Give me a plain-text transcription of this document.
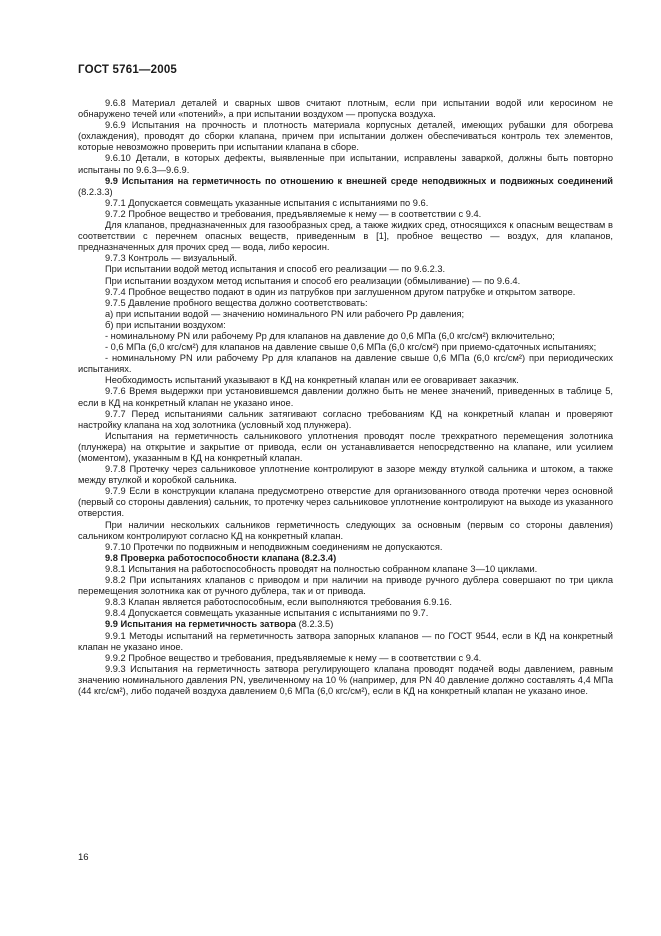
ГОСТ 5761—2005

9.6.8 Материал деталей и сварных швов считают плотным, если при испытании водой или керосином не обнаружено течей или «потений», а при испытании воздухом — пропуска воздуха.

9.6.9 Испытания на прочность и плотность материала корпусных деталей, имеющих рубашки для обогрева (охлаждения), проводят до сборки клапана, причем при испытании должен обеспечиваться контроль тех элементов, которые невозможно проверить при испытании клапана в сборе.

9.6.10 Детали, в которых дефекты, выявленные при испытании, исправлены заваркой, должны быть повторно испытаны по 9.6.3—9.6.9.

9.9 Испытания на герметичность по отношению к внешней среде неподвижных и подвижных соединений (8.2.3.3)

9.7.1 Допускается совмещать указанные испытания с испытаниями по 9.6.

9.7.2 Пробное вещество и требования, предъявляемые к нему — в соответствии с 9.4.

Для клапанов, предназначенных для газообразных сред, а также жидких сред, относящихся к опасным веществам в соответствии с перечнем опасных веществ, приведенным в [1], пробное вещество — воздух, для клапанов, предназначенных для прочих сред — вода, либо керосин.

9.7.3 Контроль — визуальный.

При испытании водой метод испытания и способ его реализации — по 9.6.2.3.

При испытании воздухом метод испытания и способ его реализации (обмыливание) — по 9.6.4.

9.7.4 Пробное вещество подают в один из патрубков при заглушенном другом патрубке и открытом затворе.

9.7.5 Давление пробного вещества должно соответствовать:

а) при испытании водой — значению номинального PN или рабочего Pр давления;

б) при испытании воздухом:

- номинальному PN или рабочему Pр для клапанов на давление до 0,6 МПа (6,0 кгс/см²) включительно;

- 0,6 МПа (6,0 кгс/см²) для клапанов на давление свыше 0,6 МПа (6,0 кгс/см²) при приемо-сдаточных испытаниях;

- номинальному PN или рабочему Pр для клапанов на давление свыше 0,6 МПа (6,0 кгс/см²) при периодических испытаниях.

Необходимость испытаний указывают в КД на конкретный клапан или ее оговаривает заказчик.

9.7.6 Время выдержки при установившемся давлении должно быть не менее значений, приведенных в таблице 5, если в КД на конкретный клапан не указано иное.

9.7.7 Перед испытаниями сальник затягивают согласно требованиям КД на конкретный клапан и проверяют настройку клапана на ход золотника (условный ход плунжера).

Испытания на герметичность сальникового уплотнения проводят после трехкратного перемещения золотника (плунжера) на открытие и закрытие от привода, если он устанавливается непосредственно на клапане, или усилием (моментом), указанным в КД на конкретный клапан.

9.7.8 Протечку через сальниковое уплотнение контролируют в зазоре между втулкой сальника и штоком, а также между втулкой и коробкой сальника.

9.7.9 Если в конструкции клапана предусмотрено отверстие для организованного отвода протечки через основной (первый со стороны давления) сальник, то протечку через сальниковое уплотнение контролируют на выходе из указанного отверстия.

При наличии нескольких сальников герметичность следующих за основным (первым со стороны давления) сальником контролируют согласно КД на конкретный клапан.

9.7.10 Протечки по подвижным и неподвижным соединениям не допускаются.

9.8 Проверка работоспособности клапана (8.2.3.4)

9.8.1 Испытания на работоспособность проводят на полностью собранном клапане 3—10 циклами.

9.8.2 При испытаниях клапанов с приводом и при наличии на приводе ручного дублера совершают по три цикла перемещения золотника как от ручного дублера, так и от привода.

9.8.3 Клапан является работоспособным, если выполняются требования 6.9.16.

9.8.4 Допускается совмещать указанные испытания с испытаниями по 9.7.

9.9 Испытания на герметичность затвора (8.2.3.5)

9.9.1 Методы испытаний на герметичность затвора запорных клапанов — по ГОСТ 9544, если в КД на конкретный клапан не указано иное.

9.9.2 Пробное вещество и требования, предъявляемые к нему — в соответствии с 9.4.

9.9.3 Испытания на герметичность затвора регулирующего клапана проводят подачей воды давлением, равным значению номинального давления PN, увеличенному на 10 % (например, для PN 40 давление должно составлять 4,4 МПа (44 кгс/см²), либо подачей воздуха давлением 0,6 МПа (6,0 кгс/см²), если в КД на конкретный клапан не указано иное.

16
